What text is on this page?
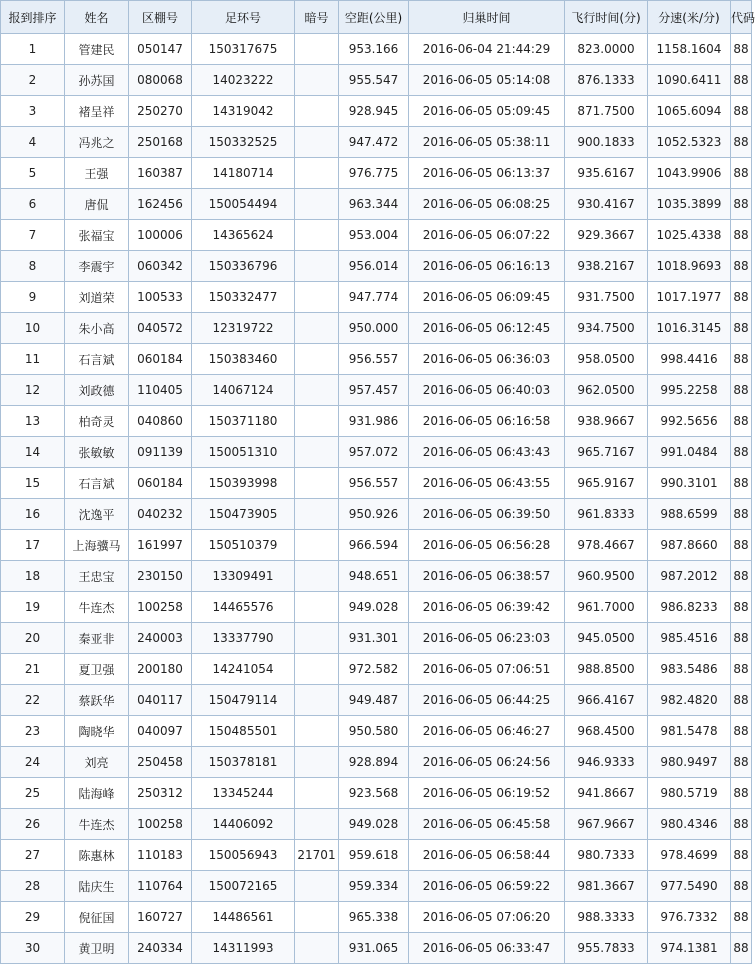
报到排序	姓名	区棚号	足环号	暗号	空距(公里)	归巢时间	飞行时间(分)	分速(米/分)	代码
1	管建民	050147	150317675		953.166	2016-06-04 21:44:29	823.0000	1158.1604	88
2	孙苏国	080068	14023222		955.547	2016-06-05 05:14:08	876.1333	1090.6411	88
3	褚呈祥	250270	14319042		928.945	2016-06-05 05:09:45	871.7500	1065.6094	88
4	冯兆之	250168	150332525		947.472	2016-06-05 05:38:11	900.1833	1052.5323	88
5	王强	160387	14180714		976.775	2016-06-05 06:13:37	935.6167	1043.9906	88
6	唐侃	162456	150054494		963.344	2016-06-05 06:08:25	930.4167	1035.3899	88
7	张福宝	100006	14365624		953.004	2016-06-05 06:07:22	929.3667	1025.4338	88
8	李震宇	060342	150336796		956.014	2016-06-05 06:16:13	938.2167	1018.9693	88
9	刘道荣	100533	150332477		947.774	2016-06-05 06:09:45	931.7500	1017.1977	88
10	朱小高	040572	12319722		950.000	2016-06-05 06:12:45	934.7500	1016.3145	88
11	石言斌	060184	150383460		956.557	2016-06-05 06:36:03	958.0500	998.4416	88
12	刘政德	110405	14067124		957.457	2016-06-05 06:40:03	962.0500	995.2258	88
13	柏奇灵	040860	150371180		931.986	2016-06-05 06:16:58	938.9667	992.5656	88
14	张敏敏	091139	150051310		957.072	2016-06-05 06:43:43	965.7167	991.0484	88
15	石言斌	060184	150393998		956.557	2016-06-05 06:43:55	965.9167	990.3101	88
16	沈逸平	040232	150473905		950.926	2016-06-05 06:39:50	961.8333	988.6599	88
17	上海骥马	161997	150510379		966.594	2016-06-05 06:56:28	978.4667	987.8660	88
18	王忠宝	230150	13309491		948.651	2016-06-05 06:38:57	960.9500	987.2012	88
19	牛连杰	100258	14465576		949.028	2016-06-05 06:39:42	961.7000	986.8233	88
20	秦亚非	240003	13337790		931.301	2016-06-05 06:23:03	945.0500	985.4516	88
21	夏卫强	200180	14241054		972.582	2016-06-05 07:06:51	988.8500	983.5486	88
22	蔡跃华	040117	150479114		949.487	2016-06-05 06:44:25	966.4167	982.4820	88
23	陶晓华	040097	150485501		950.580	2016-06-05 06:46:27	968.4500	981.5478	88
24	刘亮	250458	150378181		928.894	2016-06-05 06:24:56	946.9333	980.9497	88
25	陆海峰	250312	13345244		923.568	2016-06-05 06:19:52	941.8667	980.5719	88
26	牛连杰	100258	14406092		949.028	2016-06-05 06:45:58	967.9667	980.4346	88
27	陈惠林	110183	150056943	21701	959.618	2016-06-05 06:58:44	980.7333	978.4699	88
28	陆庆生	110764	150072165		959.334	2016-06-05 06:59:22	981.3667	977.5490	88
29	倪征国	160727	14486561		965.338	2016-06-05 07:06:20	988.3333	976.7332	88
30	黄卫明	240334	14311993		931.065	2016-06-05 06:33:47	955.7833	974.1381	88
